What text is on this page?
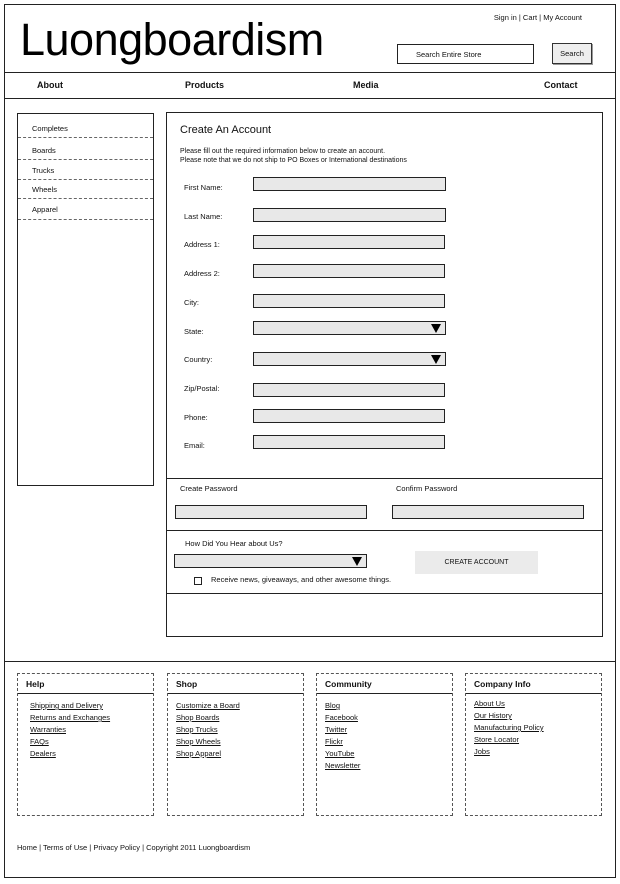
Luongboardism	Sign in | Cart | My Account
Search Entire Store	Search
About	Products	Media	Contact
Completes
Boards
Trucks
Wheels
Apparel
Create An Account
Please fill out the required information below to create an account.
Please note that we do not ship to PO Boxes or International destinations
First Name:
Last Name:
Address 1:
Address 2:
City:
State:
Country:
Zip/Postal:
Phone:
Email:
Create Password	Confirm Password
How Did You Hear about Us?
CREATE ACCOUNT
Receive news, giveaways, and other awesome things.
Help
Shipping and Delivery
Returns and Exchanges
Warranties
FAQs
Dealers
Shop
Customize a Board
Shop Boards
Shop Trucks
Shop Wheels
Shop Apparel
Community
Blog
Facebook
Twitter
Flickr
YouTube
Newsletter
Company Info
About Us
Our History
Manufacturing Policy
Store Locator
Jobs
Home | Terms of Use | Privacy Policy | Copyright 2011 Luongboardism
